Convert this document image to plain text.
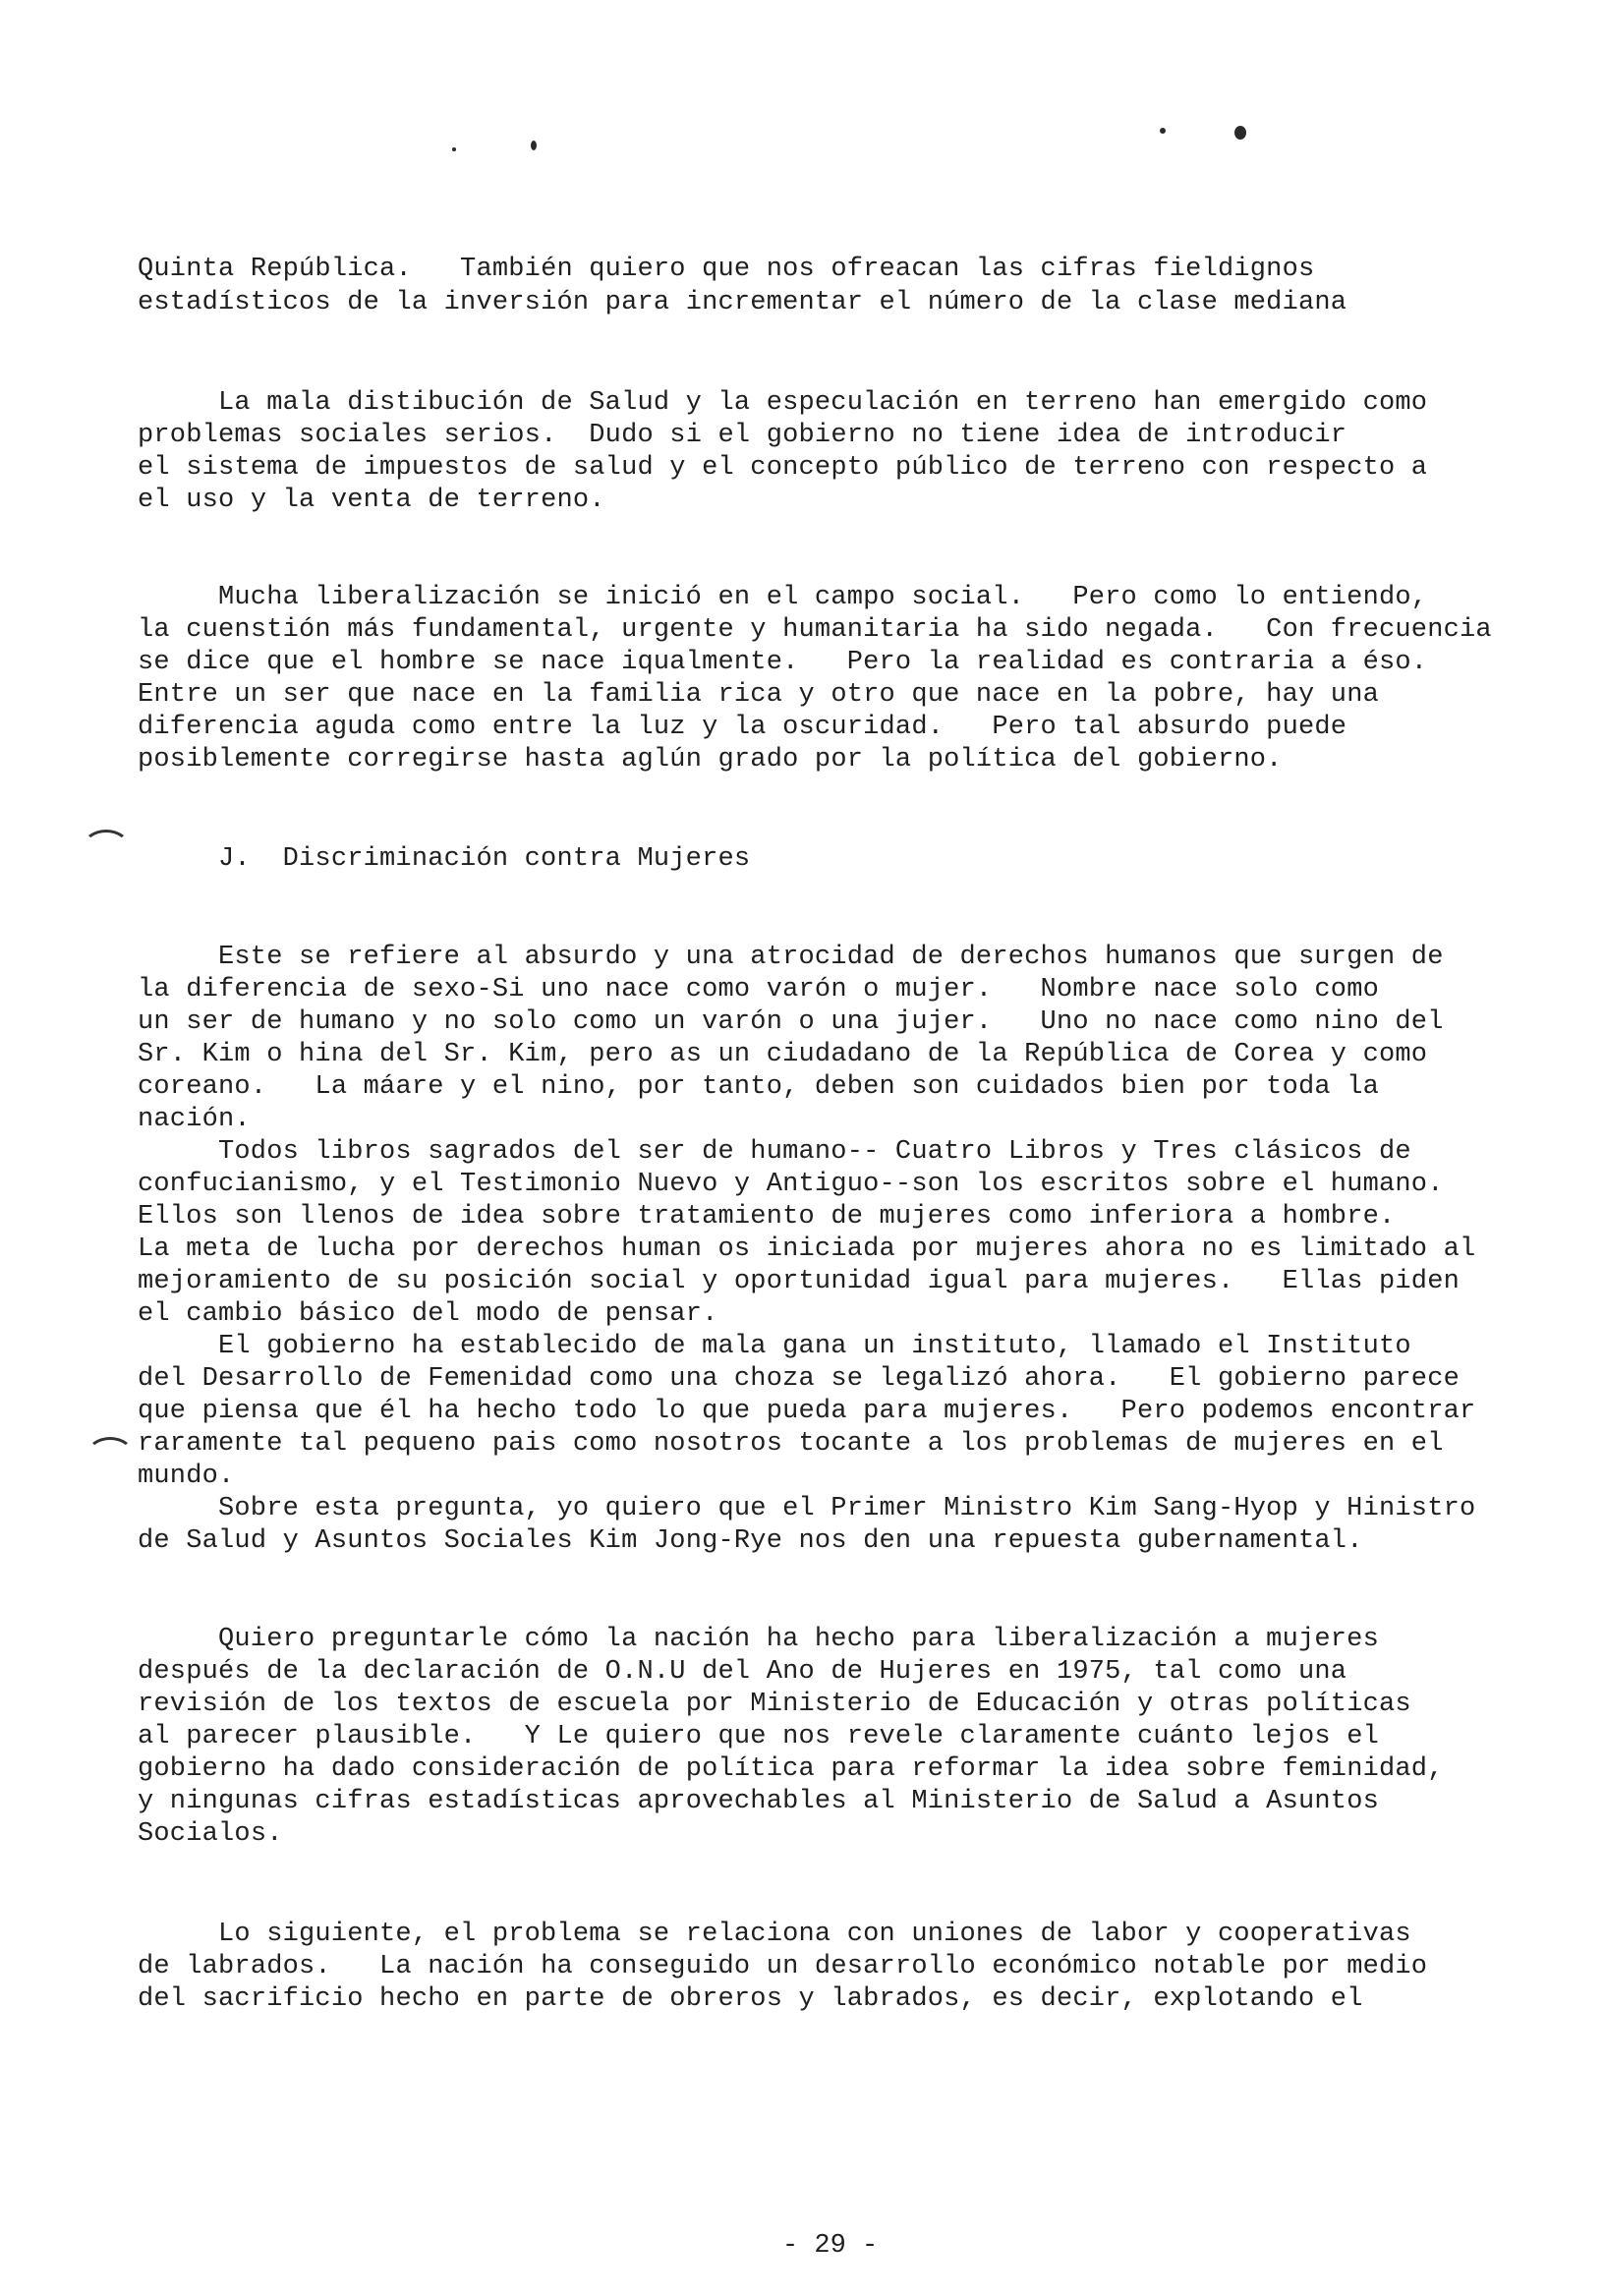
Quinta República.   También quiero que nos ofreacan las cifras fieldignos
estadísticos de la inversión para incrementar el número de la clase mediana
La mala distibución de Salud y la especulación en terreno han emergido como
problemas sociales serios.  Dudo si el gobierno no tiene idea de introducir
el sistema de impuestos de salud y el concepto público de terreno con respecto a
el uso y la venta de terreno.
Mucha liberalización se inició en el campo social.   Pero como lo entiendo,
la cuenstión más fundamental, urgente y humanitaria ha sido negada.   Con frecuencia
se dice que el hombre se nace iqualmente.   Pero la realidad es contraria a éso.
Entre un ser que nace en la familia rica y otro que nace en la pobre, hay una
diferencia aguda como entre la luz y la oscuridad.   Pero tal absurdo puede
posiblemente corregirse hasta aglún grado por la política del gobierno.
J.  Discriminación contra Mujeres
Este se refiere al absurdo y una atrocidad de derechos humanos que surgen de
la diferencia de sexo-Si uno nace como varón o mujer.   Nombre nace solo como
un ser de humano y no solo como un varón o una jujer.   Uno no nace como nino del
Sr. Kim o hina del Sr. Kim, pero as un ciudadano de la República de Corea y como
coreano.   La máare y el nino, por tanto, deben son cuidados bien por toda la
nación.
Todos libros sagrados del ser de humano-- Cuatro Libros y Tres clásicos de
confucianismo, y el Testimonio Nuevo y Antiguo--son los escritos sobre el humano.
Ellos son llenos de idea sobre tratamiento de mujeres como inferiora a hombre.
La meta de lucha por derechos human os iniciada por mujeres ahora no es limitado al
mejoramiento de su posición social y oportunidad igual para mujeres.   Ellas piden
el cambio básico del modo de pensar.
El gobierno ha establecido de mala gana un instituto, llamado el Instituto
del Desarrollo de Femenidad como una choza se legalizó ahora.   El gobierno parece
que piensa que él ha hecho todo lo que pueda para mujeres.   Pero podemos encontrar
raramente tal pequeno pais como nosotros tocante a los problemas de mujeres en el
mundo.
Sobre esta pregunta, yo quiero que el Primer Ministro Kim Sang-Hyop y Hinistro
de Salud y Asuntos Sociales Kim Jong-Rye nos den una repuesta gubernamental.
Quiero preguntarle cómo la nación ha hecho para liberalización a mujeres
después de la declaración de O.N.U del Ano de Hujeres en 1975, tal como una
revisión de los textos de escuela por Ministerio de Educación y otras políticas
al parecer plausible.   Y Le quiero que nos revele claramente cuánto lejos el
gobierno ha dado consideración de política para reformar la idea sobre feminidad,
y ningunas cifras estadísticas aprovechables al Ministerio de Salud a Asuntos
Socialos.
Lo siguiente, el problema se relaciona con uniones de labor y cooperativas
de labrados.   La nación ha conseguido un desarrollo económico notable por medio
del sacrificio hecho en parte de obreros y labrados, es decir, explotando el
- 29 -
